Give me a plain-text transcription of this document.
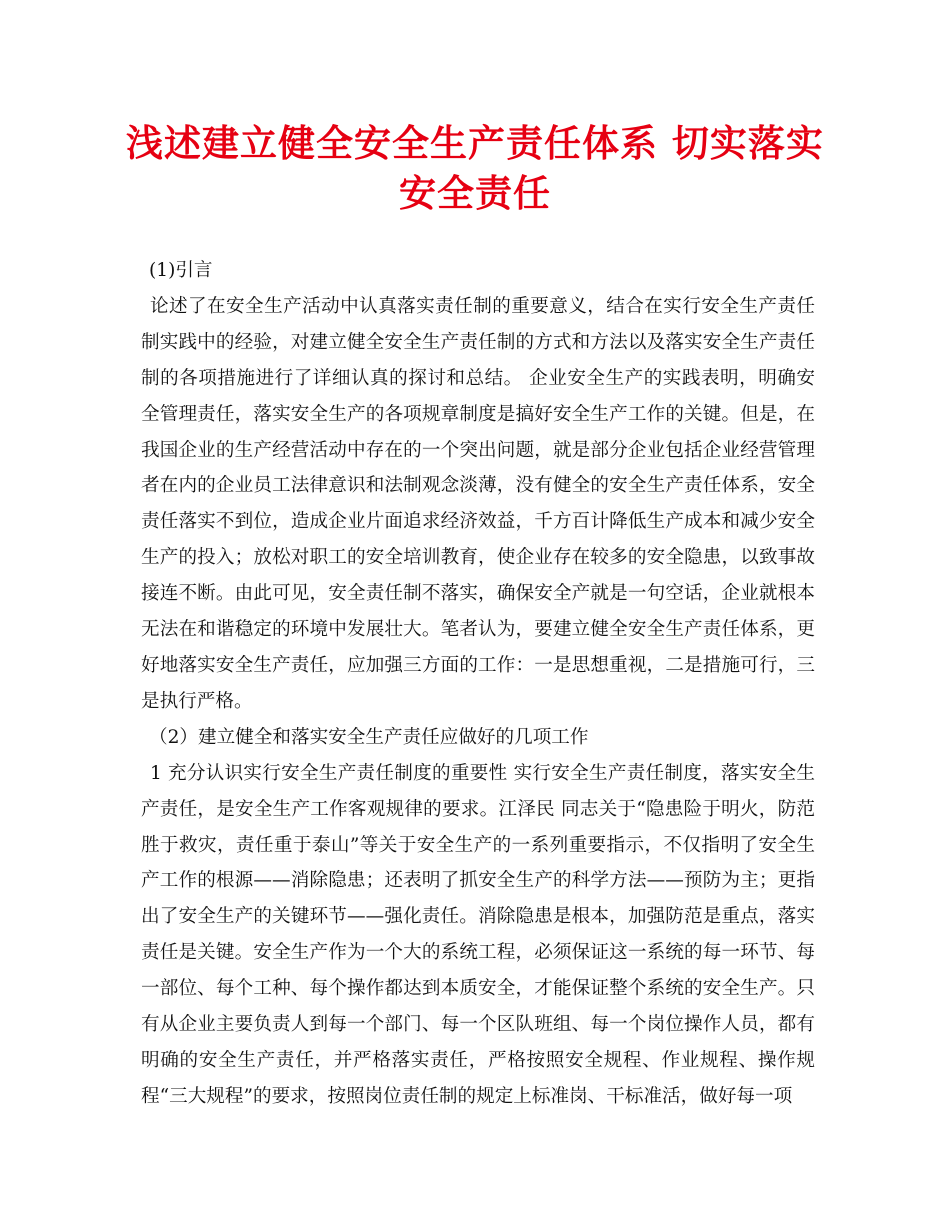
浅述建立健全安全生产责任体系 切实落实安全责任

(1)引言

论述了在安全生产活动中认真落实责任制的重要意义，结合在实行安全生产责任制实践中的经验，对建立健全安全生产责任制的方式和方法以及落实安全生产责任制的各项措施进行了详细认真的探讨和总结。 企业安全生产的实践表明，明确安全管理责任，落实安全生产的各项规章制度是搞好安全生产工作的关键。但是，在我国企业的生产经营活动中存在的一个突出问题，就是部分企业包括企业经营管理者在内的企业员工法律意识和法制观念淡薄，没有健全的安全生产责任体系，安全责任落实不到位，造成企业片面追求经济效益，千方百计降低生产成本和减少安全生产的投入；放松对职工的安全培训教育，使企业存在较多的安全隐患，以致事故接连不断。由此可见，安全责任制不落实，确保安全产就是一句空话，企业就根本无法在和谐稳定的环境中发展壮大。笔者认为，要建立健全安全生产责任体系，更好地落实安全生产责任，应加强三方面的工作：一是思想重视，二是措施可行，三是执行严格。

（2）建立健全和落实安全生产责任应做好的几项工作

1 充分认识实行安全生产责任制度的重要性 实行安全生产责任制度，落实安全生产责任，是安全生产工作客观规律的要求。江泽民 同志关于“隐患险于明火，防范胜于救灾，责任重于泰山”等关于安全生产的一系列重要指示，不仅指明了安全生产工作的根源——消除隐患；还表明了抓安全生产的科学方法——预防为主；更指出了安全生产的关键环节——强化责任。消除隐患是根本，加强防范是重点，落实责任是关键。安全生产作为一个大的系统工程，必须保证这一系统的每一环节、每一部位、每个工种、每个操作都达到本质安全，才能保证整个系统的安全生产。只有从企业主要负责人到每一个部门、每一个区队班组、每一个岗位操作人员，都有明确的安全生产责任，并严格落实责任，严格按照安全规程、作业规程、操作规程“三大规程”的要求，按照岗位责任制的规定上标准岗、干标准活，做好每一项
